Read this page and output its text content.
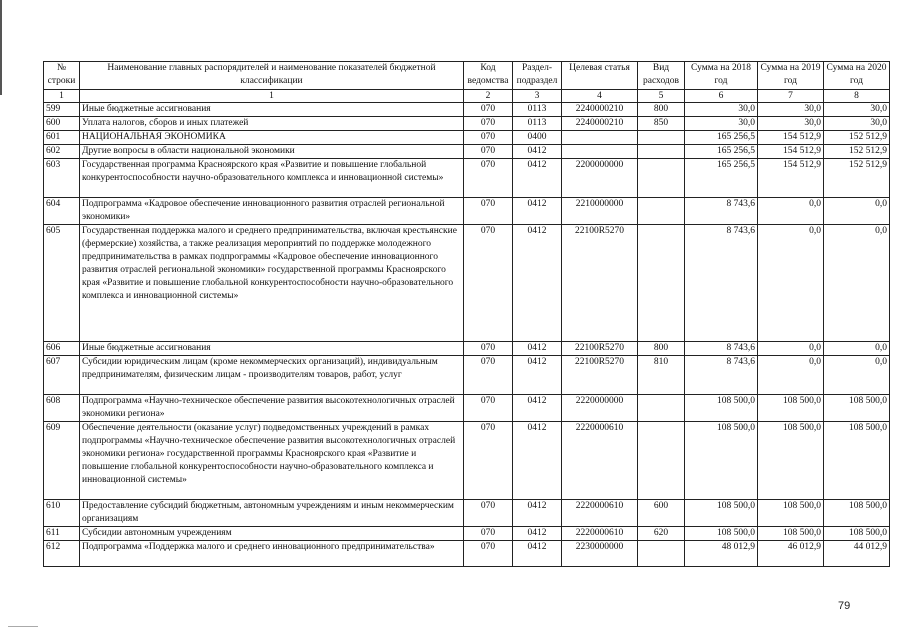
№ строки	Наименование главных распорядителей и наименование показателей бюджетной классификации	Код ведомства	Раздел-подраздел	Целевая статья	Вид расходов	Сумма на 2018 год	Сумма на 2019 год	Сумма на 2020 год
1	1	2	3	4	5	6	7	8
599	Иные бюджетные ассигнования	070	0113	2240000210	800	30,0	30,0	30,0
600	Уплата налогов, сборов и иных платежей	070	0113	2240000210	850	30,0	30,0	30,0
601	НАЦИОНАЛЬНАЯ ЭКОНОМИКА	070	0400			165 256,5	154 512,9	152 512,9
602	Другие вопросы в области национальной экономики	070	0412			165 256,5	154 512,9	152 512,9
603	Государственная программа Красноярского края «Развитие и повышение глобальной конкурентоспособности научно-образовательного комплекса и инновационной системы»	070	0412	2200000000		165 256,5	154 512,9	152 512,9
604	Подпрограмма «Кадровое обеспечение инновационного развития отраслей региональной экономики»	070	0412	2210000000		8 743,6	0,0	0,0
605	Государственная поддержка малого и среднего предпринимательства, включая крестьянские (фермерские) хозяйства, а также реализация мероприятий по поддержке молодежного предпринимательства в рамках подпрограммы «Кадровое обеспечение инновационного развития отраслей региональной экономики» государственной программы Красноярского края «Развитие и повышение глобальной конкурентоспособности научно-образовательного комплекса и инновационной системы»	070	0412	22100R5270		8 743,6	0,0	0,0
606	Иные бюджетные ассигнования	070	0412	22100R5270	800	8 743,6	0,0	0,0
607	Субсидии юридическим лицам (кроме некоммерческих организаций), индивидуальным предпринимателям, физическим лицам - производителям товаров, работ, услуг	070	0412	22100R5270	810	8 743,6	0,0	0,0
608	Подпрограмма «Научно-техническое обеспечение развития высокотехнологичных отраслей экономики региона»	070	0412	2220000000		108 500,0	108 500,0	108 500,0
609	Обеспечение деятельности (оказание услуг) подведомственных учреждений в рамках подпрограммы «Научно-техническое обеспечение развития высокотехнологичных отраслей экономики региона» государственной программы Красноярского края «Развитие и повышение глобальной конкурентоспособности научно-образовательного комплекса и инновационной системы»	070	0412	2220000610		108 500,0	108 500,0	108 500,0
610	Предоставление субсидий бюджетным, автономным учреждениям и иным некоммерческим организациям	070	0412	2220000610	600	108 500,0	108 500,0	108 500,0
611	Субсидии автономным учреждениям	070	0412	2220000610	620	108 500,0	108 500,0	108 500,0
612	Подпрограмма «Поддержка малого и среднего инновационного предпринимательства»	070	0412	2230000000		48 012,9	46 012,9	44 012,9
79
